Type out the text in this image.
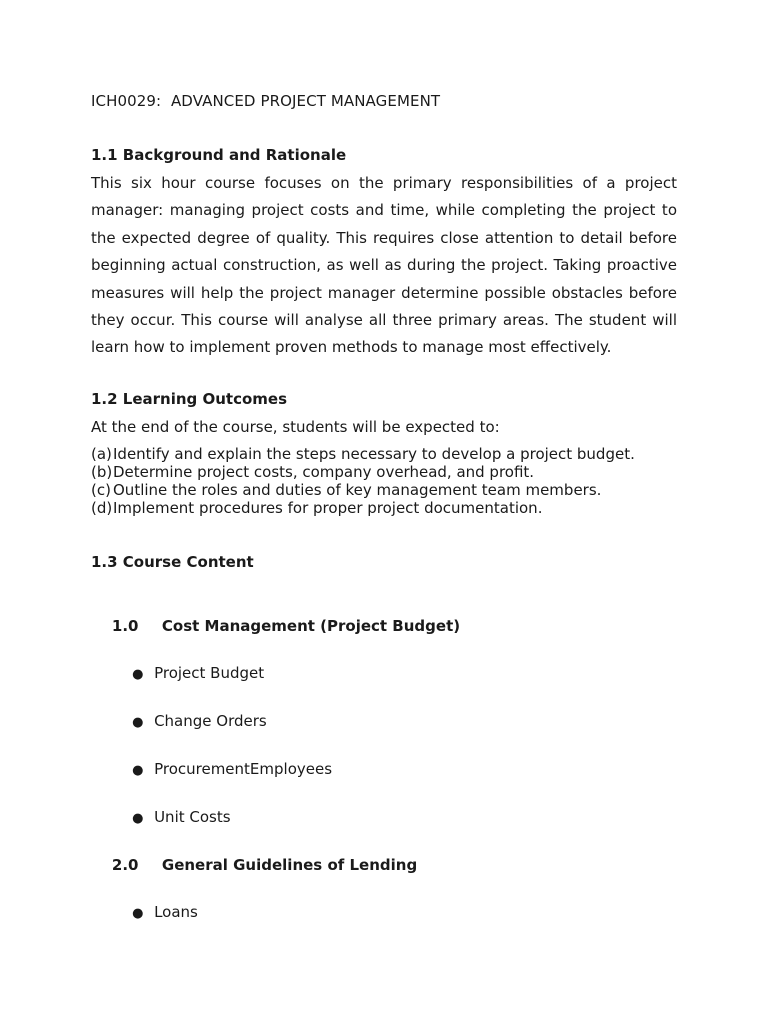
ICH0029:  ADVANCED PROJECT MANAGEMENT
1.1 Background and Rationale
This six hour course focuses on the primary responsibilities of a project manager: managing project costs and time, while completing the project to the expected degree of quality. This requires close attention to detail before beginning actual construction, as well as during the project. Taking proactive measures will help the project manager determine possible obstacles before they occur. This course will analyse all three primary areas. The student will learn how to implement proven methods to manage most effectively.
1.2 Learning Outcomes
At the end of the course, students will be expected to:
(a) Identify and explain the steps necessary to develop a project budget.
(b) Determine project costs, company overhead, and profit.
(c) Outline the roles and duties of key management team members.
(d) Implement procedures for proper project documentation.
1.3 Course Content

1.0 Cost Management (Project Budget)

● Project Budget

● Change Orders

● ProcurementEmployees

● Unit Costs

2.0 General Guidelines of Lending

● Loans
